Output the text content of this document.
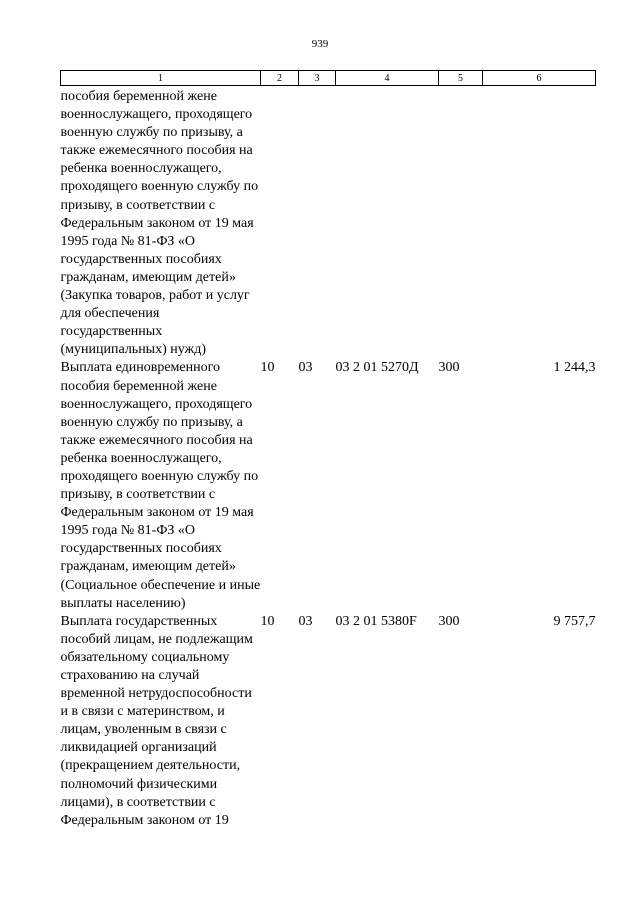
939
1	2	3	4	5	6
пособия беременной жене военнослужащего, проходящего военную службу по призыву, а также ежемесячного пособия на ребенка военнослужащего, проходящего военную службу по призыву, в соответствии с Федеральным законом от 19 мая 1995 года № 81-ФЗ «О государственных пособиях гражданам, имеющим детей» (Закупка товаров, работ и услуг для обеспечения государственных (муниципальных) нужд)					
Выплата единовременного пособия беременной жене военнослужащего, проходящего военную службу по призыву, а также ежемесячного пособия на ребенка военнослужащего, проходящего военную службу по призыву, в соответствии с Федеральным законом от 19 мая 1995 года № 81-ФЗ «О государственных пособиях гражданам, имеющим детей» (Социальное обеспечение и иные выплаты населению)	10	03	03 2 01 5270Д	300	1 244,3
Выплата государственных пособий лицам, не подлежащим обязательному социальному страхованию на случай временной нетрудоспособности и в связи с материнством, и лицам, уволенным в связи с ликвидацией организаций (прекращением деятельности, полномочий физическими лицами), в соответствии с Федеральным законом от 19	10	03	03 2 01 5380F	300	9 757,7
